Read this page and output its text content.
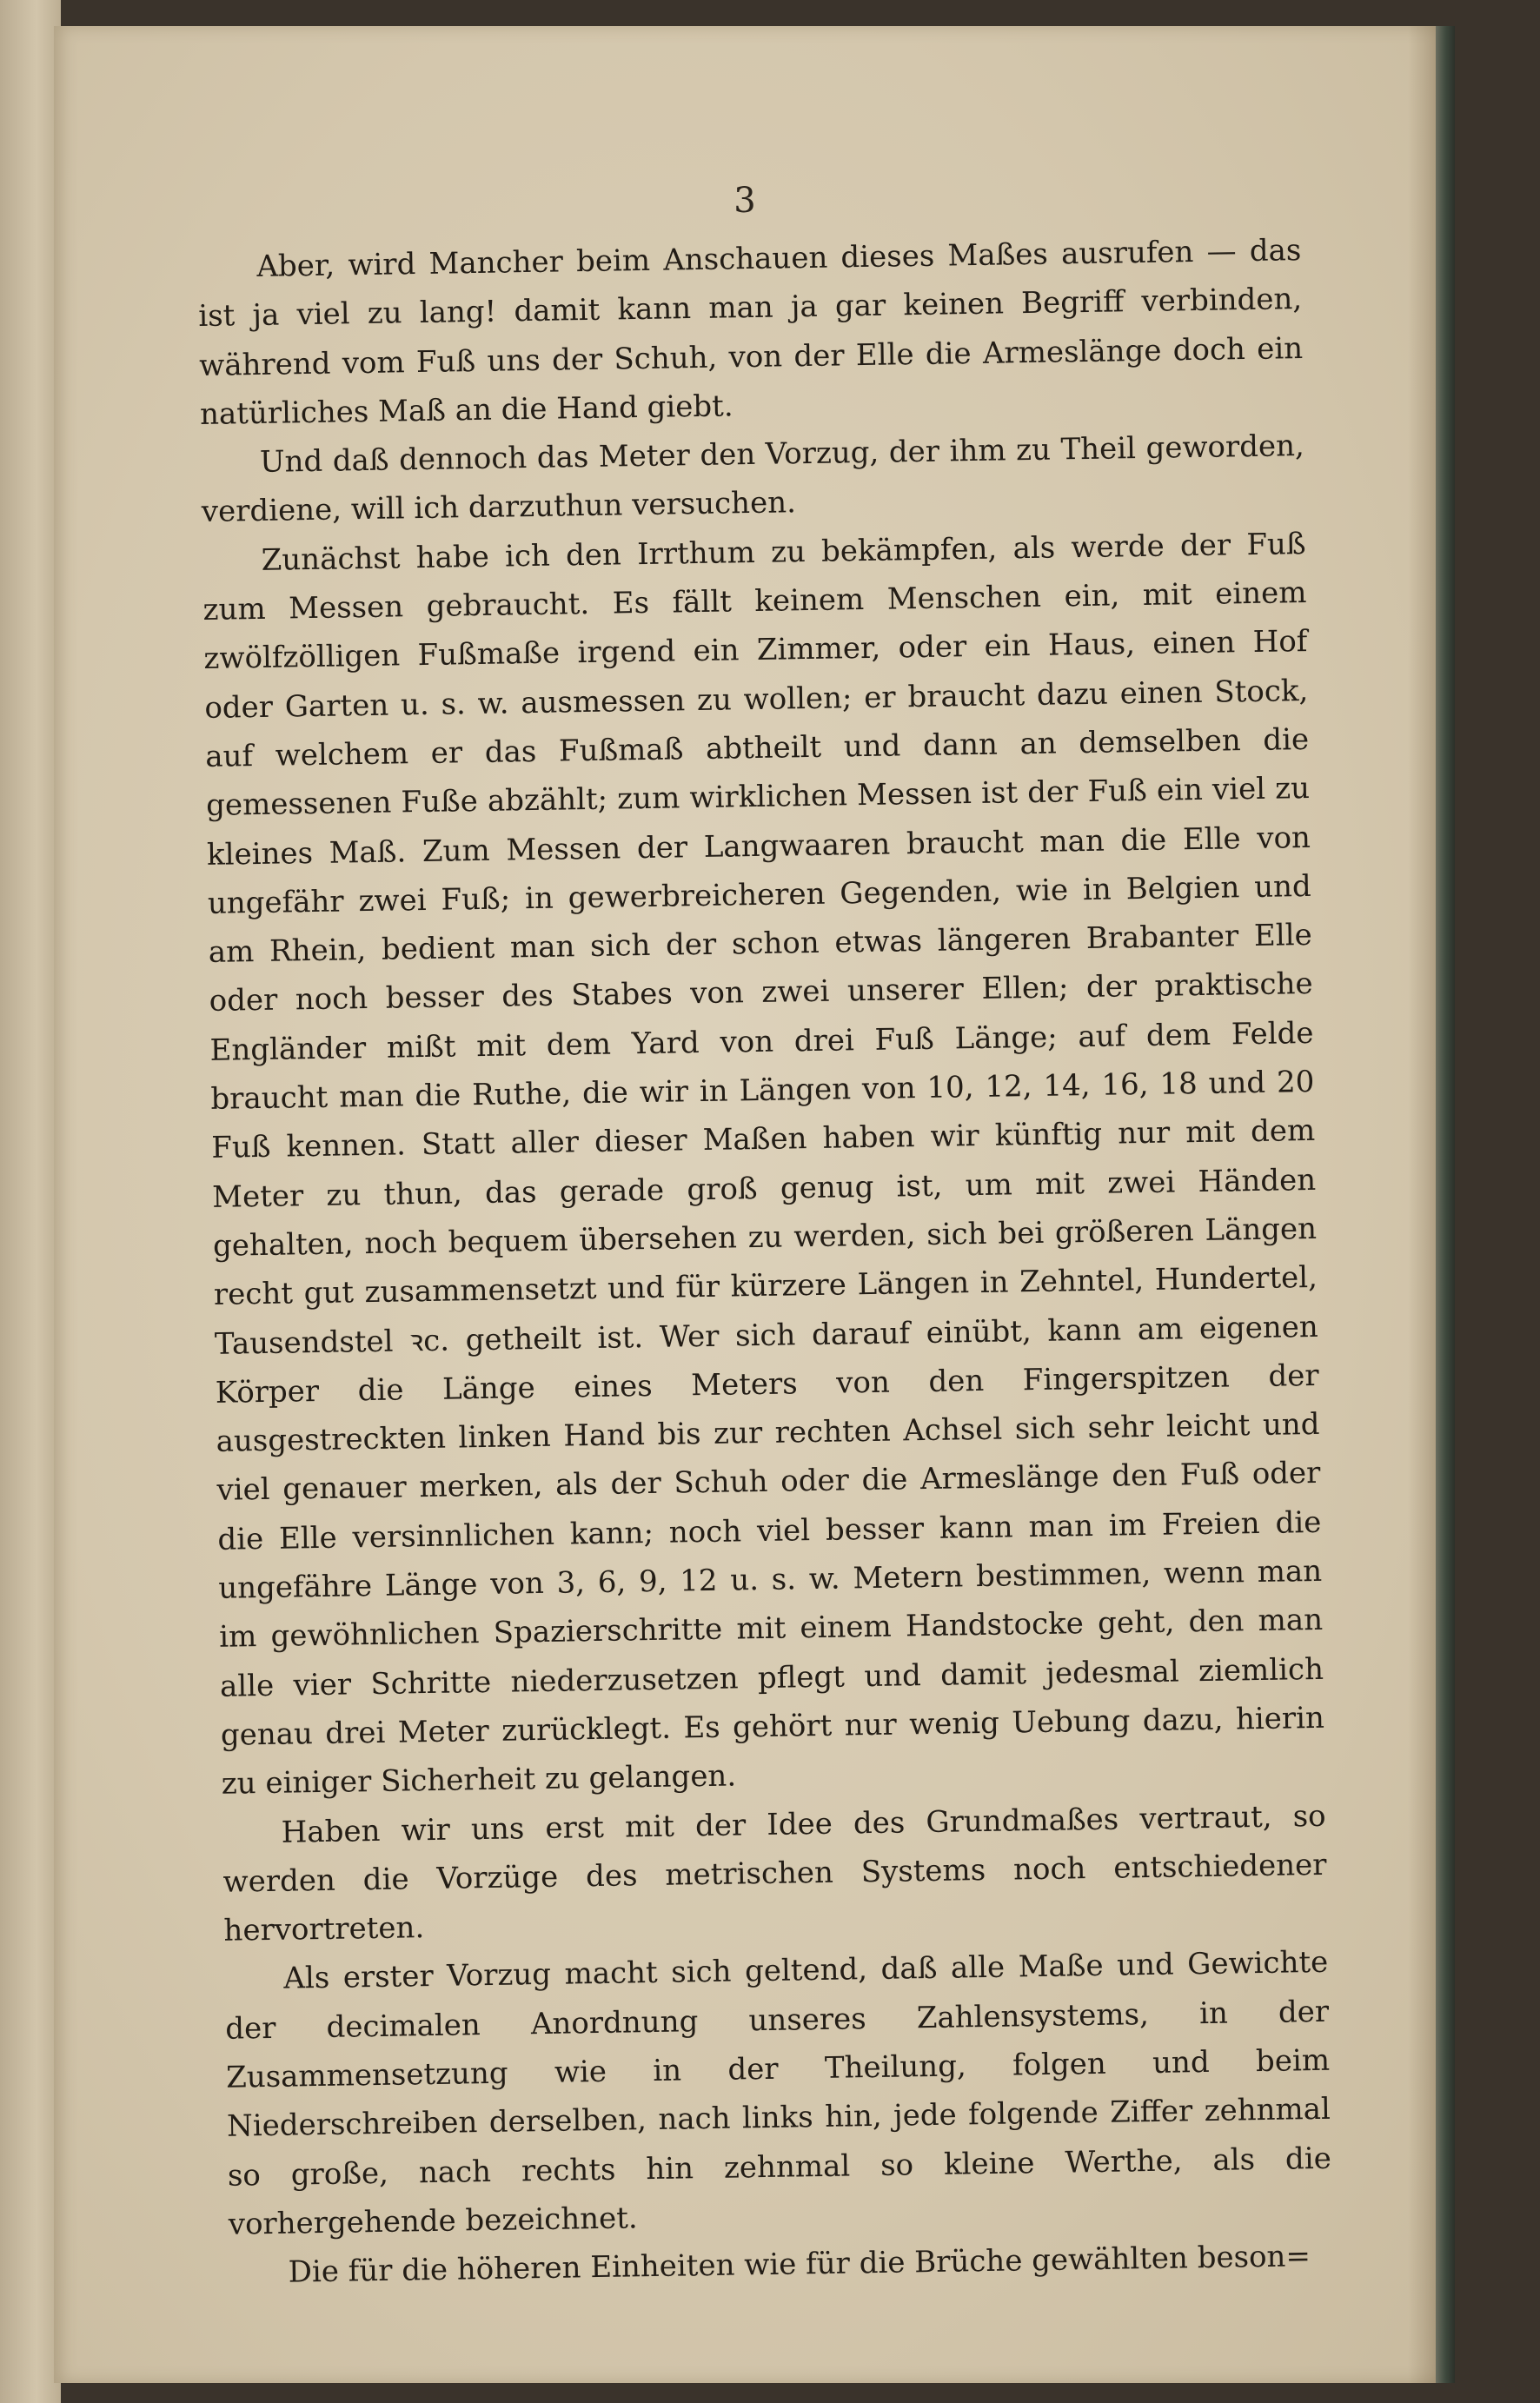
3

Aber, wird Mancher beim Anschauen dieses Maßes ausrufen — das ist ja viel zu lang! damit kann man ja gar keinen Begriff verbinden, während vom Fuß uns der Schuh, von der Elle die Armeslänge doch ein natürliches Maß an die Hand giebt.

Und daß dennoch das Meter den Vorzug, der ihm zu Theil geworden, verdiene, will ich darzuthun versuchen.

Zunächst habe ich den Irrthum zu bekämpfen, als werde der Fuß zum Messen gebraucht. Es fällt keinem Menschen ein, mit einem zwölfzölligen Fußmaße irgend ein Zimmer, oder ein Haus, einen Hof oder Garten u. s. w. ausmessen zu wollen; er braucht dazu einen Stock, auf welchem er das Fußmaß abtheilt und dann an demselben die gemessenen Fuße abzählt; zum wirklichen Messen ist der Fuß ein viel zu kleines Maß. Zum Messen der Langwaaren braucht man die Elle von ungefähr zwei Fuß; in gewerbreicheren Gegenden, wie in Belgien und am Rhein, bedient man sich der schon etwas längeren Brabanter Elle oder noch besser des Stabes von zwei unserer Ellen; der praktische Engländer mißt mit dem Yard von drei Fuß Länge; auf dem Felde braucht man die Ruthe, die wir in Längen von 10, 12, 14, 16, 18 und 20 Fuß kennen. Statt aller dieser Maßen haben wir künftig nur mit dem Meter zu thun, das gerade groß genug ist, um mit zwei Händen gehalten, noch bequem übersehen zu werden, sich bei größeren Längen recht gut zusammensetzt und für kürzere Längen in Zehntel, Hundertel, Tausendstel ꝛc. getheilt ist. Wer sich darauf einübt, kann am eigenen Körper die Länge eines Meters von den Fingerspitzen der ausgestreckten linken Hand bis zur rechten Achsel sich sehr leicht und viel genauer merken, als der Schuh oder die Armeslänge den Fuß oder die Elle versinnlichen kann; noch viel besser kann man im Freien die ungefähre Länge von 3, 6, 9, 12 u. s. w. Metern bestimmen, wenn man im gewöhnlichen Spazierschritte mit einem Handstocke geht, den man alle vier Schritte niederzusetzen pflegt und damit jedesmal ziemlich genau drei Meter zurücklegt. Es gehört nur wenig Uebung dazu, hierin zu einiger Sicherheit zu gelangen.

Haben wir uns erst mit der Idee des Grundmaßes vertraut, so werden die Vorzüge des metrischen Systems noch entschiedener hervortreten.

Als erster Vorzug macht sich geltend, daß alle Maße und Gewichte der decimalen Anordnung unseres Zahlensystems, in der Zusammensetzung wie in der Theilung, folgen und beim Niederschreiben derselben, nach links hin, jede folgende Ziffer zehnmal so große, nach rechts hin zehnmal so kleine Werthe, als die vorhergehende bezeichnet.

Die für die höheren Einheiten wie für die Brüche gewählten beson=
